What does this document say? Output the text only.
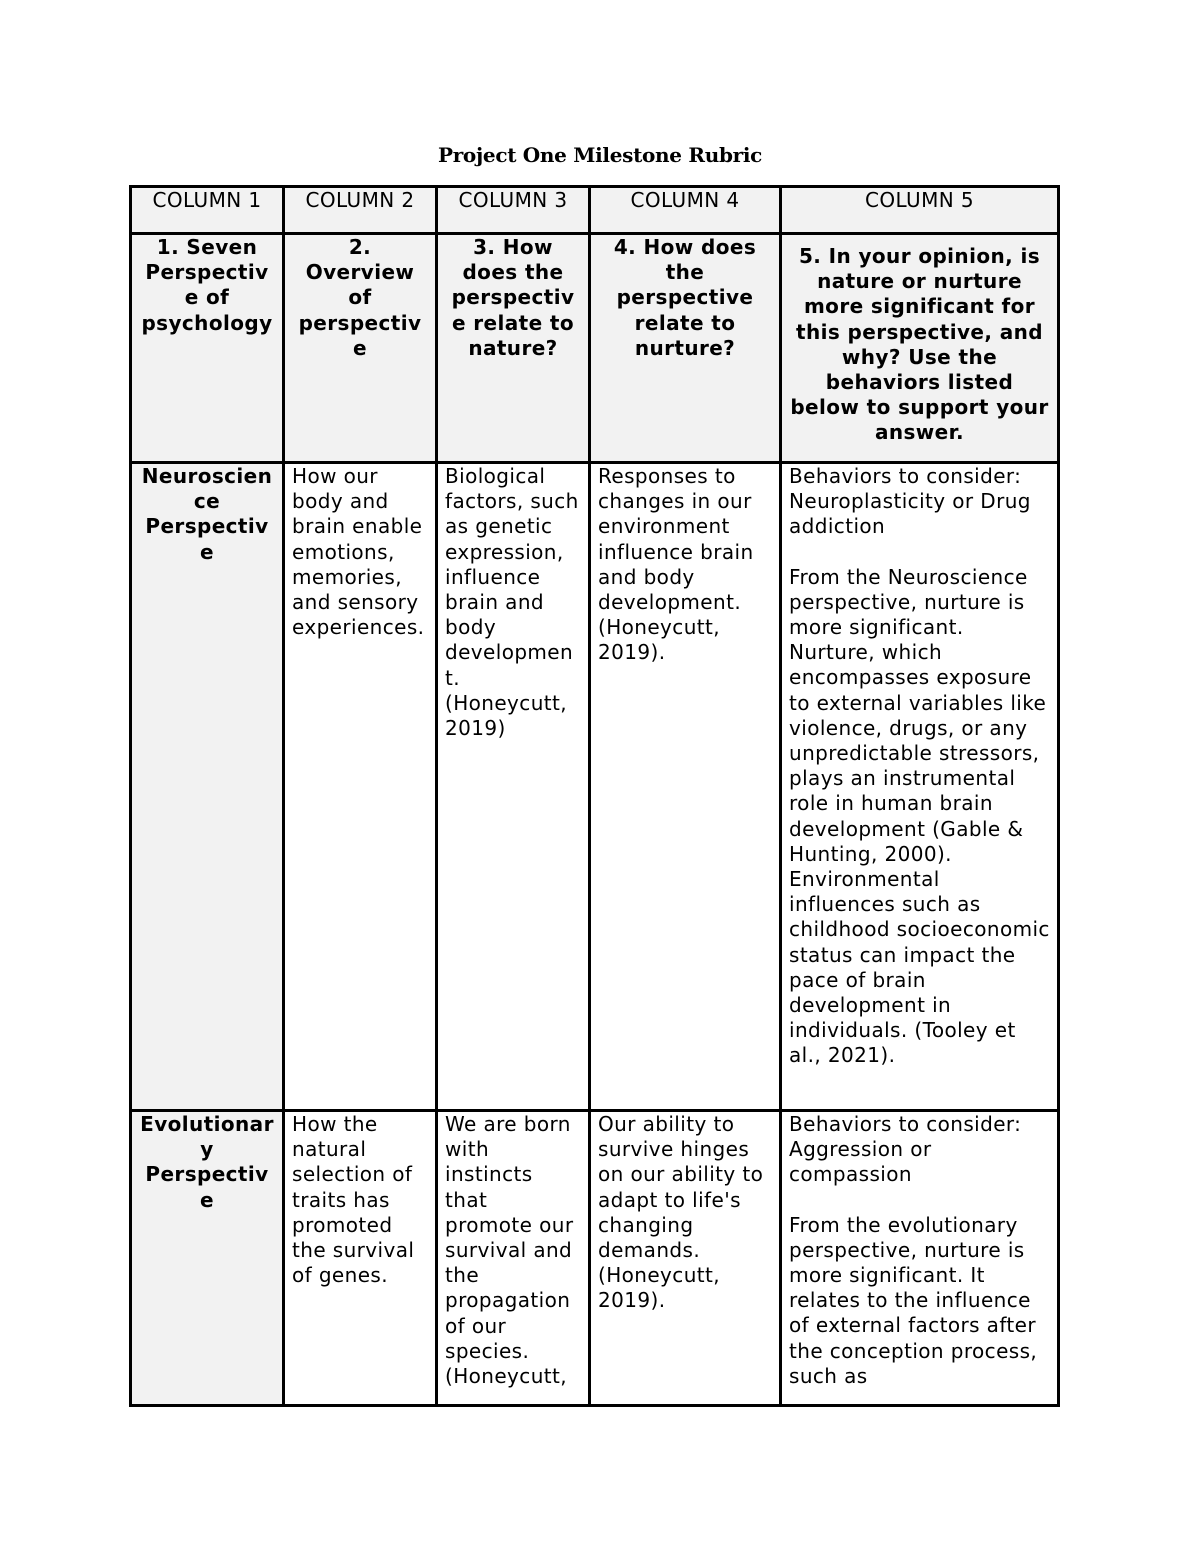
Project One Milestone Rubric
COLUMN 1	COLUMN 2	COLUMN 3	COLUMN 4	COLUMN 5
1. Seven Perspective of psychology	2. Overview of perspective	3. How does the perspective relate to nature?	4. How does the perspective relate to nurture?	5. In your opinion, is nature or nurture more significant for this perspective, and why? Use the behaviors listed below to support your answer.
Neuroscience Perspective	How our body and brain enable emotions, memories, and sensory experiences.	Biological factors, such as genetic expression, influence brain and body development. (Honeycutt, 2019)	Responses to changes in our environment influence brain and body development. (Honeycutt, 2019).	Behaviors to consider: Neuroplasticity or Drug addiction
From the Neuroscience perspective, nurture is more significant. Nurture, which encompasses exposure to external variables like violence, drugs, or any unpredictable stressors, plays an instrumental role in human brain development (Gable & Hunting, 2000). Environmental influences such as childhood socioeconomic status can impact the pace of brain development in individuals. (Tooley et al., 2021).

Evolutionary Perspective	How the natural selection of traits has promoted the survival of genes.	We are born with instincts that promote our survival and the propagation of our species. (Honeycutt,	Our ability to survive hinges on our ability to adapt to life's changing demands. (Honeycutt, 2019).	Behaviors to consider: Aggression or compassion
From the evolutionary perspective, nurture is more significant. It relates to the influence of external factors after the conception process, such as
